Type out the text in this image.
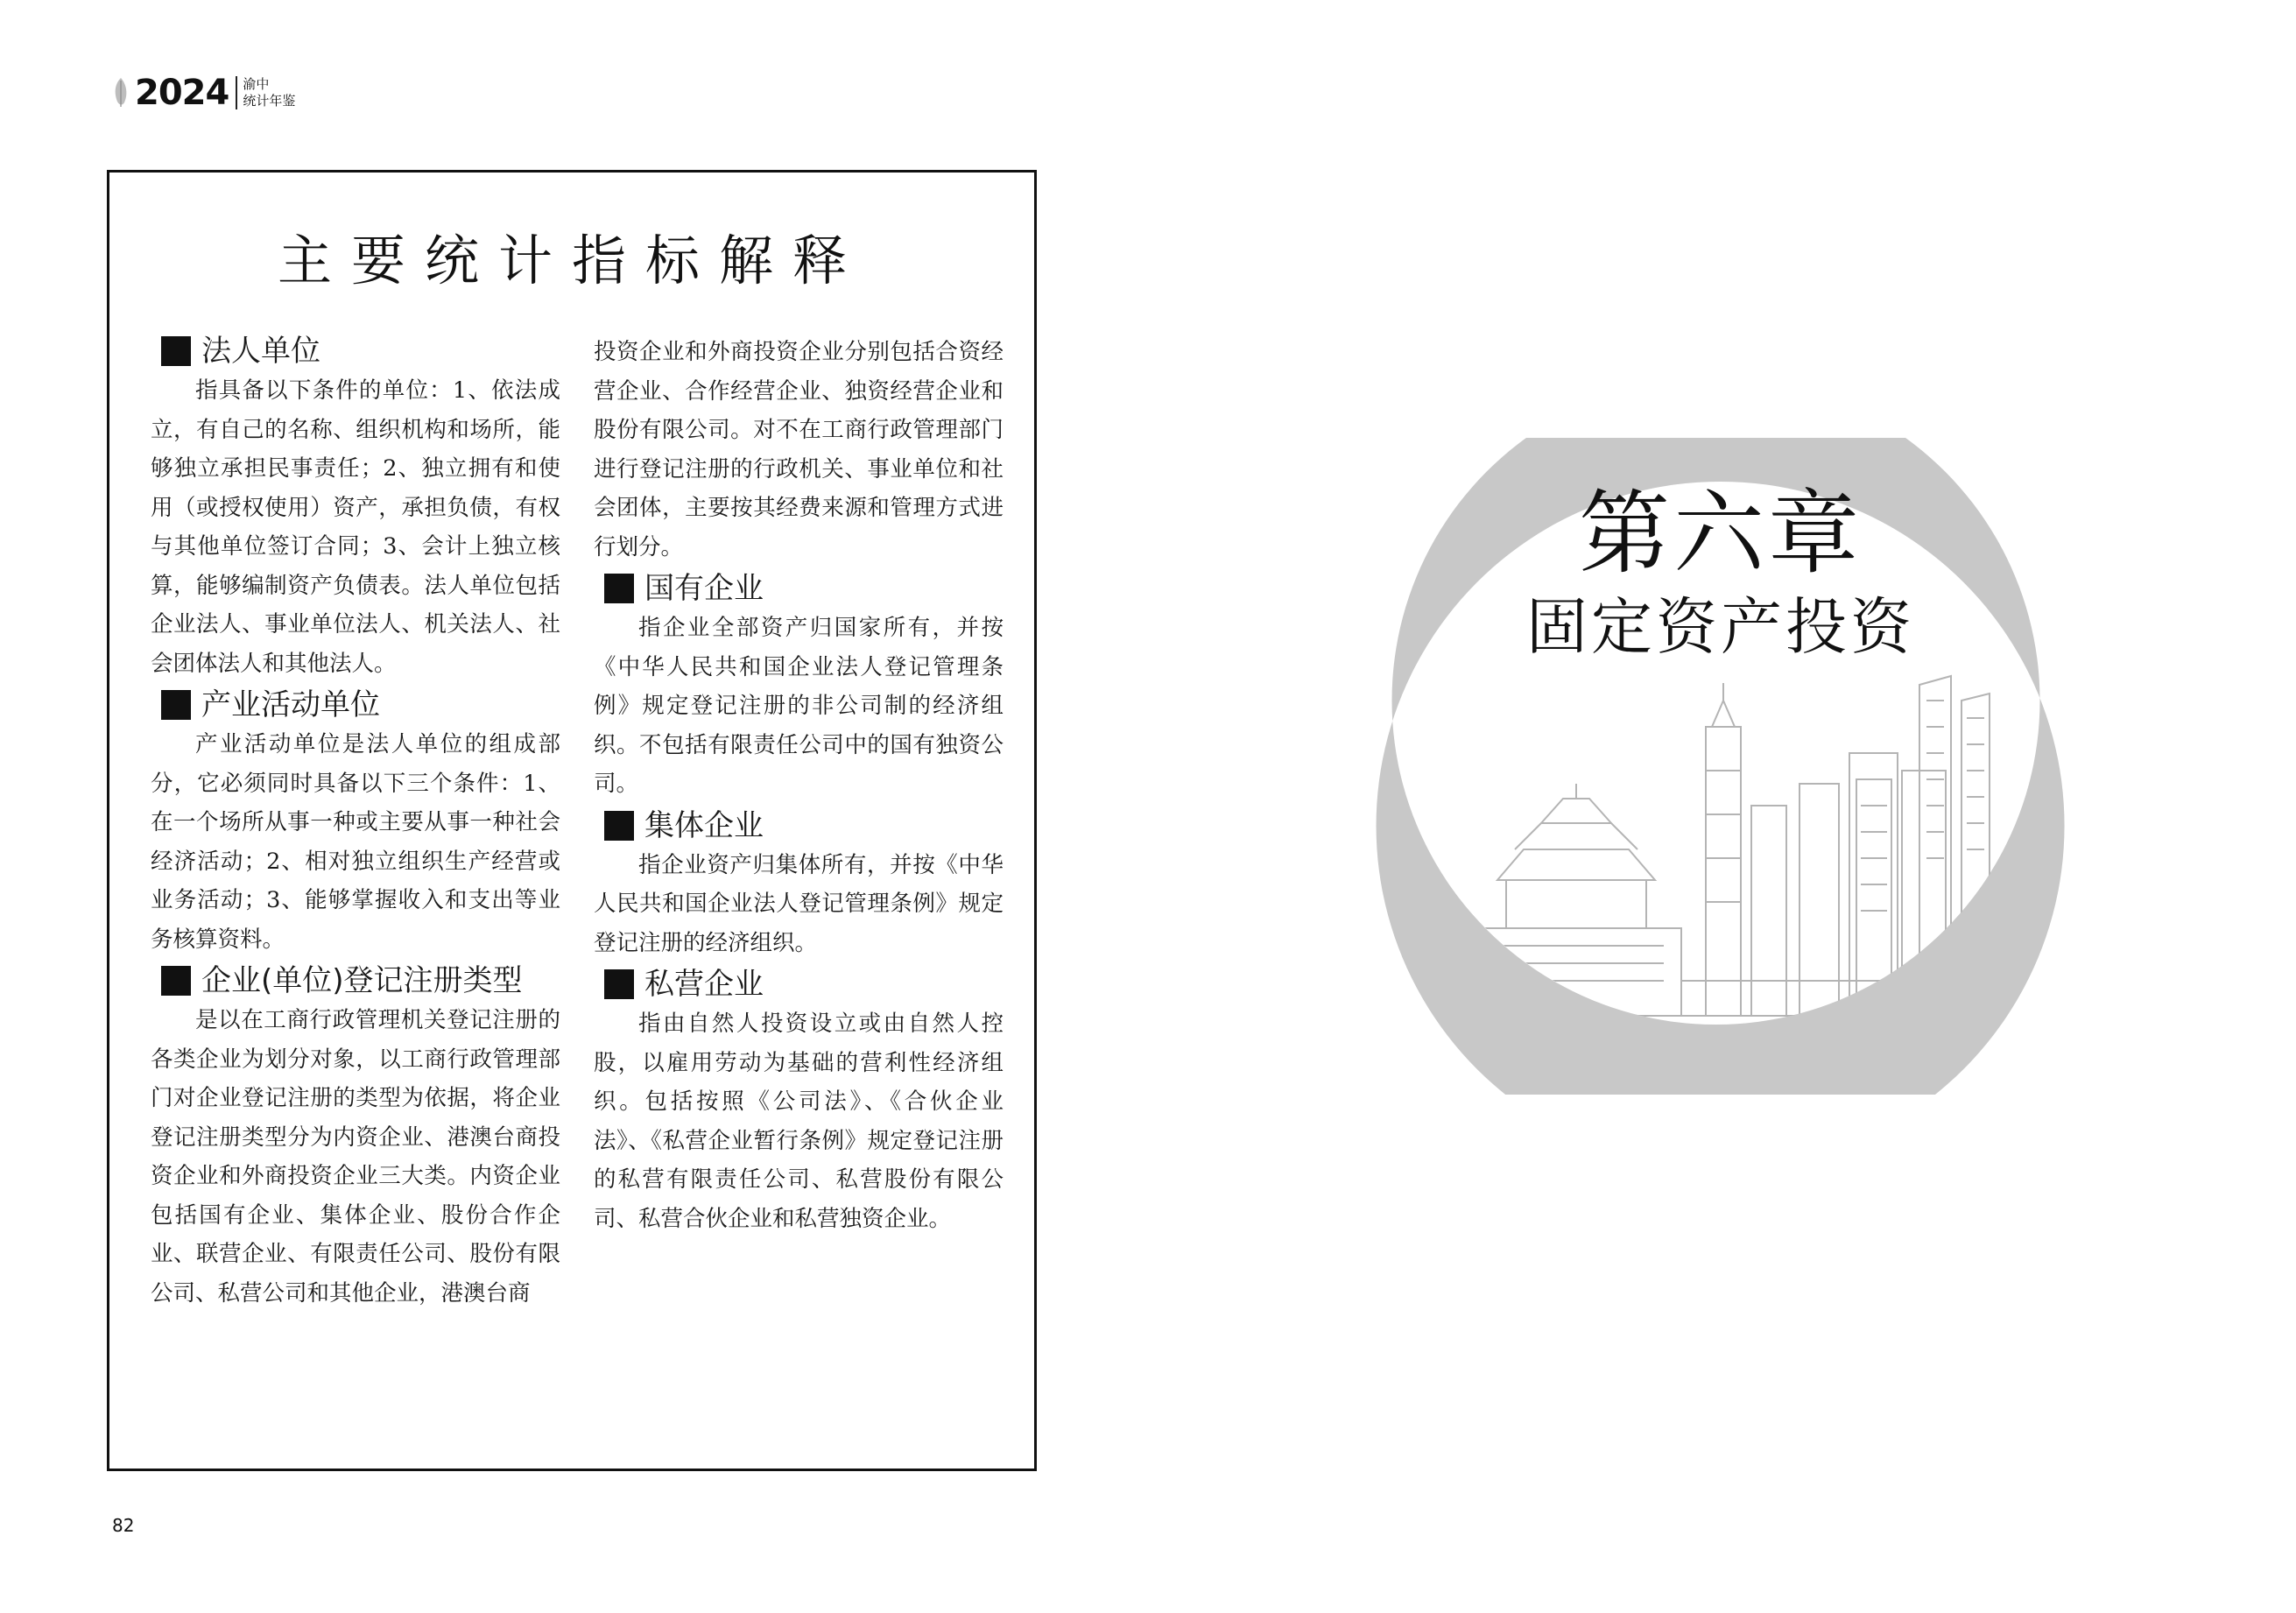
2024 渝中
统计年鉴
主要统计指标解释
法人单位

指具备以下条件的单位：1、依法成立，有自己的名称、组织机构和场所，能够独立承担民事责任；2、独立拥有和使用（或授权使用）资产，承担负债，有权与其他单位签订合同；3、会计上独立核算，能够编制资产负债表。法人单位包括企业法人、事业单位法人、机关法人、社会团体法人和其他法人。

产业活动单位

产业活动单位是法人单位的组成部分，它必须同时具备以下三个条件：1、在一个场所从事一种或主要从事一种社会经济活动；2、相对独立组织生产经营或业务活动；3、能够掌握收入和支出等业务核算资料。

企业(单位)登记注册类型

是以在工商行政管理机关登记注册的各类企业为划分对象，以工商行政管理部门对企业登记注册的类型为依据，将企业登记注册类型分为内资企业、港澳台商投资企业和外商投资企业三大类。内资企业包括国有企业、集体企业、股份合作企业、联营企业、有限责任公司、股份有限公司、私营公司和其他企业，港澳台商

投资企业和外商投资企业分别包括合资经营企业、合作经营企业、独资经营企业和股份有限公司。对不在工商行政管理部门进行登记注册的行政机关、事业单位和社会团体，主要按其经费来源和管理方式进行划分。

国有企业

指企业全部资产归国家所有，并按《中华人民共和国企业法人登记管理条例》规定登记注册的非公司制的经济组织。不包括有限责任公司中的国有独资公司。

集体企业

指企业资产归集体所有，并按《中华人民共和国企业法人登记管理条例》规定登记注册的经济组织。

私营企业

指由自然人投资设立或由自然人控股，以雇用劳动为基础的营利性经济组织。包括按照《公司法》、《合伙企业法》、《私营企业暂行条例》规定登记注册的私营有限责任公司、私营股份有限公司、私营合伙企业和私营独资企业。

第六章
固定资产投资
82
